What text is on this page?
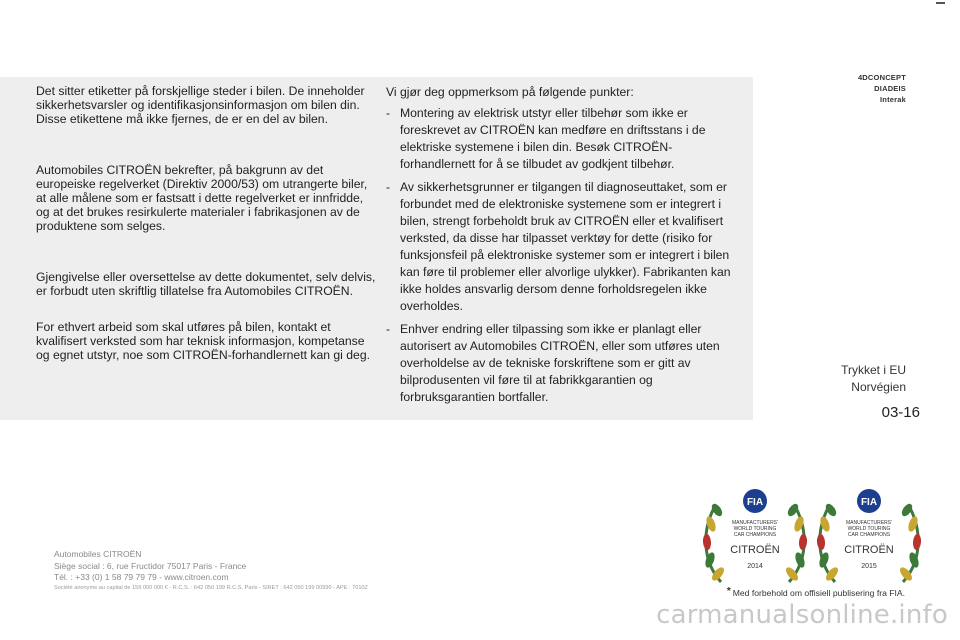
Det sitter etiketter på forskjellige steder i bilen. De inneholder sikkerhetsvarsler og identifikasjonsinformasjon om bilen din. Disse etikettene må ikke fjernes, de er en del av bilen.

Automobiles CITROËN bekrefter, på bakgrunn av det europeiske regelverket (Direktiv 2000/53) om utrangerte biler, at alle målene som er fastsatt i dette regelverket er innfridde, og at det brukes resirkulerte materialer i fabrikasjonen av de produktene som selges.

Gjengivelse eller oversettelse av dette dokumentet, selv delvis, er forbudt uten skriftlig tillatelse fra Automobiles CITROËN.

For ethvert arbeid som skal utføres på bilen, kontakt et kvalifisert verksted som har teknisk informasjon, kompetanse og egnet utstyr, noe som CITROËN-forhandlernett kan gi deg.

Vi gjør deg oppmerksom på følgende punkter:

- Montering av elektrisk utstyr eller tilbehør som ikke er foreskrevet av CITROËN kan medføre en driftsstans i de elektriske systemene i bilen din. Besøk CITROËN-forhandlernett for å se tilbudet av godkjent tilbehør.
- Av sikkerhetsgrunner er tilgangen til diagnoseuttaket, som er forbundet med de elektroniske systemene som er integrert i bilen, strengt forbeholdt bruk av CITROËN eller et kvalifisert verksted, da disse har tilpasset verktøy for dette (risiko for funksjonsfeil på elektroniske systemer som er integrert i bilen kan føre til problemer eller alvorlige ulykker). Fabrikanten kan ikke holdes ansvarlig dersom denne forholdsregelen ikke overholdes.
- Enhver endring eller tilpassing som ikke er planlagt eller autorisert av Automobiles CITROËN, eller som utføres uten overholdelse av de tekniske forskriftene som er gitt av bilprodusenten vil føre til at fabrikkgarantien og forbruksgarantien bortfaller.
4DCONCEPT
DIADEIS
Interak
Trykket i EU
Norvégien
03-16
Automobiles CITROËN
Siège social : 6, rue Fructidor 75017 Paris - France
Tél. : +33 (0) 1 58 79 79 79 - www.citroen.com
Société anonyme au capital de 159 000 000 € - R.C.S. : 642 050 199 R.C.S. Paris - SIRET : 642 050 199 00990 - APE : 7010Z
FIA
MANUFACTURERS'
WORLD TOURING
CAR CHAMPIONS
CITROËN
2014
FIA
MANUFACTURERS'
WORLD TOURING
CAR CHAMPIONS
CITROËN
2015
* Med forbehold om offisiell publisering fra FIA.
carmanualsonline.info
